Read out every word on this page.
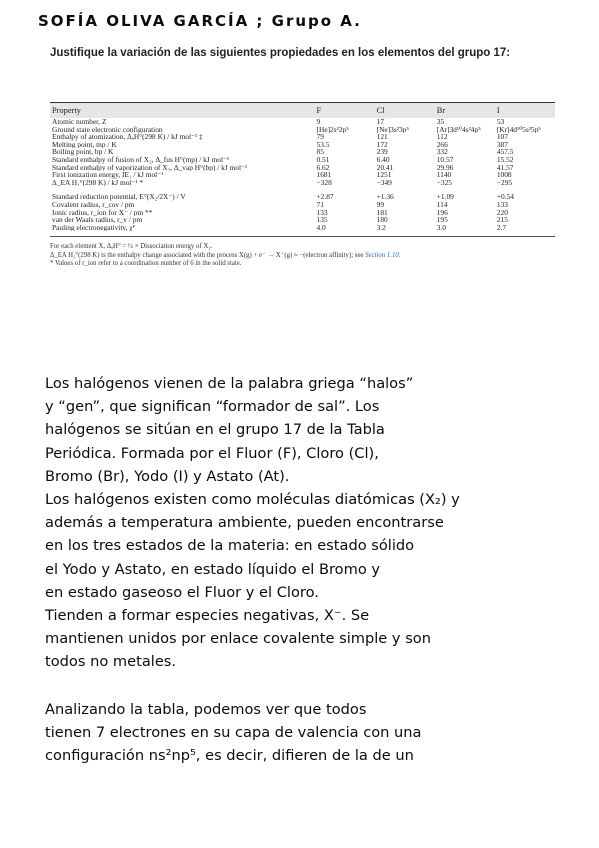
SOFÍA OLIVA GARCÍA ; Grupo A.
Justifique la variación de las siguientes propiedades en los elementos del grupo 17:
Property	F	Cl	Br	I
Atomic number, Z	9	17	35	53
Ground state electronic configuration	[He]2s²2p⁵	[Ne]3s²3p⁵	[Ar]3d¹⁰4s²4p⁵	[Kr]4d¹⁰5s²5p⁵
Enthalpy of atomization, ΔₐH°(298 K) / kJ mol⁻¹ ‡	79	121	112	107
Melting point, mp / K	53.5	172	266	387
Boiling point, bp / K	85	239	332	457.5
Standard enthalpy of fusion of X₂, Δ_fus H°(mp) / kJ mol⁻¹	0.51	6.40	10.57	15.52
Standard enthalpy of vaporization of X₂, Δ_vap H°(bp) / kJ mol⁻¹	6.62	20.41	29.96	41.57
First ionization energy, IE₁ / kJ mol⁻¹	1681	1251	1140	1008
Δ_EA H₁°(298 K) / kJ mol⁻¹ *	−328	−349	−325	−295

Standard reduction potential, E°(X₂/2X⁻) / V	+2.87	+1.36	+1.09	+0.54
Covalent radius, r_cov / pm	71	99	114	133
Ionic radius, r_ion for X⁻ / pm **	133	181	196	220
van der Waals radius, r_v / pm	135	180	195	215
Pauling electronegativity, χᴾ	4.0	3.2	3.0	2.7

For each element X, ΔₐH° = ½ × Dissociation energy of X₂.
Δ_EA H₁°(298 K) is the enthalpy change associated with the process X(g) + e⁻ → X⁻(g) ≈ −(electron affinity); see Section 1.10.
* Values of r_ion refer to a coordination number of 6 in the solid state.
Los halógenos vienen de la palabra griega “halos”
y “gen”, que significan “formador de sal”. Los
halógenos se sitúan en el grupo 17 de la Tabla
Periódica. Formada por el Fluor (F), Cloro (Cl),
Bromo (Br), Yodo (I) y Astato (At).
Los halógenos existen como moléculas diatómicas (X₂) y
además a temperatura ambiente, pueden encontrarse
en los tres estados de la materia: en estado sólido
el Yodo y Astato, en estado líquido el Bromo y
en estado gaseoso el Fluor y el Cloro.
Tienden a formar especies negativas, X⁻. Se
mantienen unidos por enlace covalente simple y son
todos no metales.
Analizando la tabla, podemos ver que todos
tienen 7 electrones en su capa de valencia con una
configuración ns²np⁵, es decir, difieren de la de un
